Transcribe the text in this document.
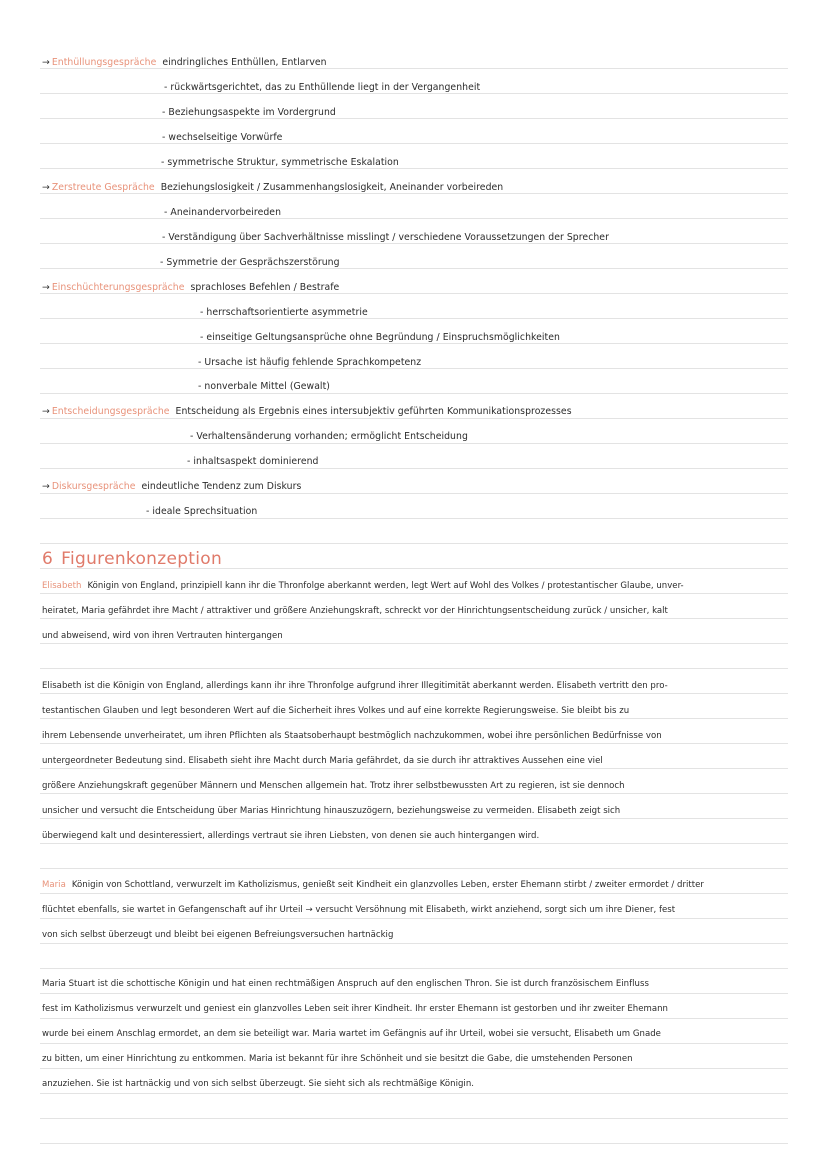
→ Enthüllungsgespräche eindringliches Enthüllen, Entlarven
- rückwärtsgerichtet, das zu Enthüllende liegt in der Vergangenheit
- Beziehungsaspekte im Vordergrund
- wechselseitige Vorwürfe
- symmetrische Struktur, symmetrische Eskalation
→ Zerstreute Gespräche Beziehungslosigkeit / Zusammenhangslosigkeit, Aneinander vorbeireden
- Aneinandervorbeireden
- Verständigung über Sachverhältnisse misslingt / verschiedene Voraussetzungen der Sprecher
- Symmetrie der Gesprächszerstörung
→ Einschüchterungsgespräche sprachloses Befehlen / Bestrafe
- herrschaftsorientierte asymmetrie
- einseitige Geltungsansprüche ohne Begründung / Einspruchsmöglichkeiten
- Ursache ist häufig fehlende Sprachkompetenz
- nonverbale Mittel (Gewalt)
→ Entscheidungsgespräche Entscheidung als Ergebnis eines intersubjektiv geführten Kommunikationsprozesses
- Verhaltensänderung vorhanden; ermöglicht Entscheidung
- inhaltsaspekt dominierend
→ Diskursgespräche eindeutliche Tendenz zum Diskurs
- ideale Sprechsituation
6 Figurenkonzeption
Elisabeth Königin von England, prinzipiell kann ihr die Thronfolge aberkannt werden, legt Wert auf Wohl des Volkes / protestantischer Glaube, unver-
heiratet, Maria gefährdet ihre Macht / attraktiver und größere Anziehungskraft, schreckt vor der Hinrichtungsentscheidung zurück / unsicher, kalt
und abweisend, wird von ihren Vertrauten hintergangen
Elisabeth ist die Königin von England, allerdings kann ihr ihre Thronfolge aufgrund ihrer Illegitimität aberkannt werden. Elisabeth vertritt den pro-
testantischen Glauben und legt besonderen Wert auf die Sicherheit ihres Volkes und auf eine korrekte Regierungsweise. Sie bleibt bis zu
ihrem Lebensende unverheiratet, um ihren Pflichten als Staatsoberhaupt bestmöglich nachzukommen, wobei ihre persönlichen Bedürfnisse von
untergeordneter Bedeutung sind. Elisabeth sieht ihre Macht durch Maria gefährdet, da sie durch ihr attraktives Aussehen eine viel
größere Anziehungskraft gegenüber Männern und Menschen allgemein hat. Trotz ihrer selbstbewussten Art zu regieren, ist sie dennoch
unsicher und versucht die Entscheidung über Marias Hinrichtung hinauszuzögern, beziehungsweise zu vermeiden. Elisabeth zeigt sich
überwiegend kalt und desinteressiert, allerdings vertraut sie ihren Liebsten, von denen sie auch hintergangen wird.
Maria Königin von Schottland, verwurzelt im Katholizismus, genießt seit Kindheit ein glanzvolles Leben, erster Ehemann stirbt / zweiter ermordet / dritter
flüchtet ebenfalls, sie wartet in Gefangenschaft auf ihr Urteil → versucht Versöhnung mit Elisabeth, wirkt anziehend, sorgt sich um ihre Diener, fest
von sich selbst überzeugt und bleibt bei eigenen Befreiungsversuchen hartnäckig
Maria Stuart ist die schottische Königin und hat einen rechtmäßigen Anspruch auf den englischen Thron. Sie ist durch französischem Einfluss
fest im Katholizismus verwurzelt und geniest ein glanzvolles Leben seit ihrer Kindheit. Ihr erster Ehemann ist gestorben und ihr zweiter Ehemann
wurde bei einem Anschlag ermordet, an dem sie beteiligt war. Maria wartet im Gefängnis auf ihr Urteil, wobei sie versucht, Elisabeth um Gnade
zu bitten, um einer Hinrichtung zu entkommen. Maria ist bekannt für ihre Schönheit und sie besitzt die Gabe, die umstehenden Personen
anzuziehen. Sie ist hartnäckig und von sich selbst überzeugt. Sie sieht sich als rechtmäßige Königin.
